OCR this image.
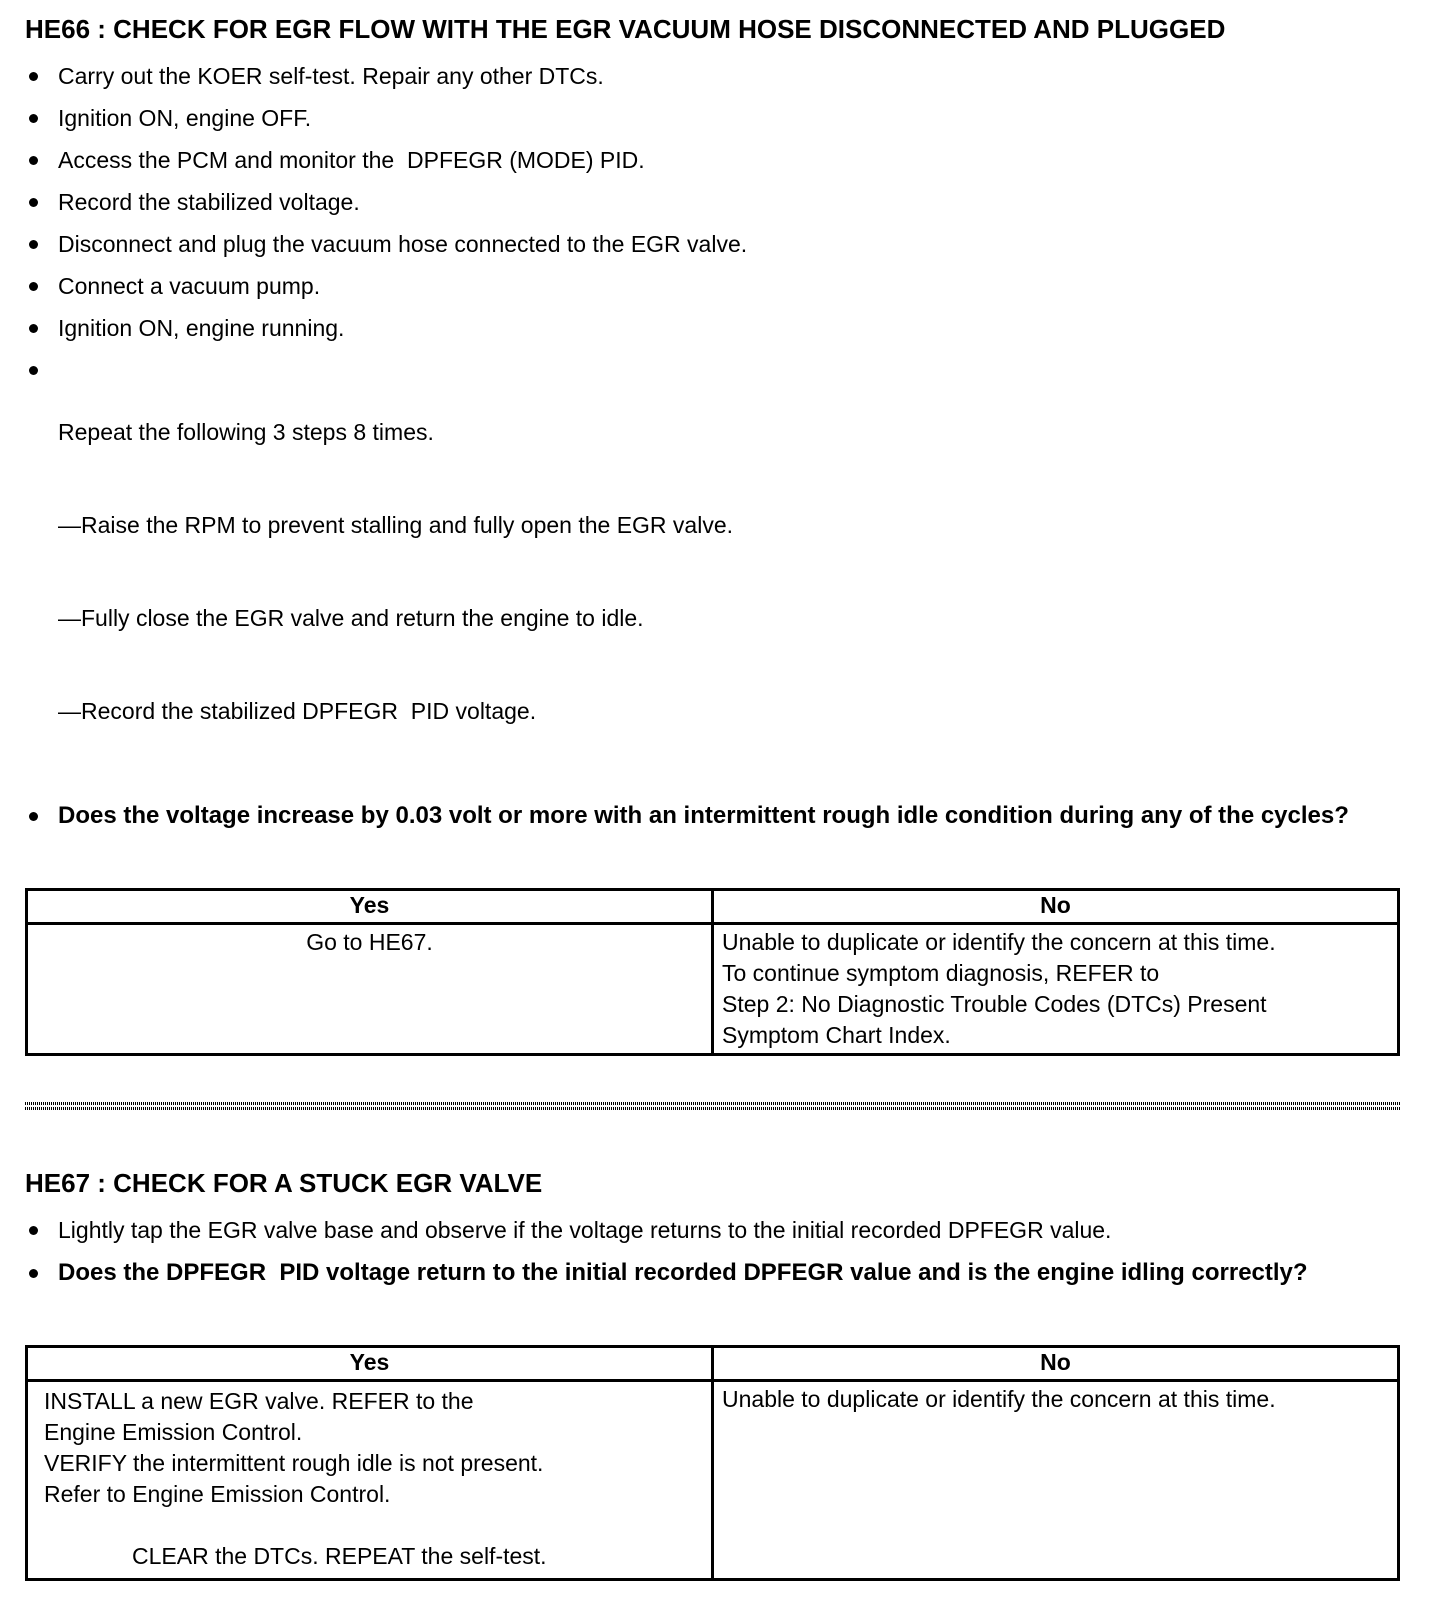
HE66 : CHECK FOR EGR FLOW WITH THE EGR VACUUM HOSE DISCONNECTED AND PLUGGED
Carry out the KOER self-test. Repair any other DTCs.
Ignition ON, engine OFF.
Access the PCM and monitor the  DPFEGR (MODE) PID.
Record the stabilized voltage.
Disconnect and plug the vacuum hose connected to the EGR valve.
Connect a vacuum pump.
Ignition ON, engine running.

Repeat the following 3 steps 8 times.

—Raise the RPM to prevent stalling and fully open the EGR valve.

—Fully close the EGR valve and return the engine to idle.

—Record the stabilized DPFEGR  PID voltage.

Does the voltage increase by 0.03 volt or more with an intermittent rough idle condition during any of the cycles?
Yes	No

Go to HE67.	Unable to duplicate or identify the concern at this time.
To continue symptom diagnosis, REFER to
Step 2: No Diagnostic Trouble Codes (DTCs) Present
Symptom Chart Index.
HE67 : CHECK FOR A STUCK EGR VALVE
Lightly tap the EGR valve base and observe if the voltage returns to the initial recorded DPFEGR value.
Does the DPFEGR  PID voltage return to the initial recorded DPFEGR value and is the engine idling correctly?
Yes	No

INSTALL a new EGR valve. REFER to the
Engine Emission Control.
VERIFY the intermittent rough idle is not present.
Refer to Engine Emission Control.
CLEAR the DTCs. REPEAT the self-test.	Unable to duplicate or identify the concern at this time.
